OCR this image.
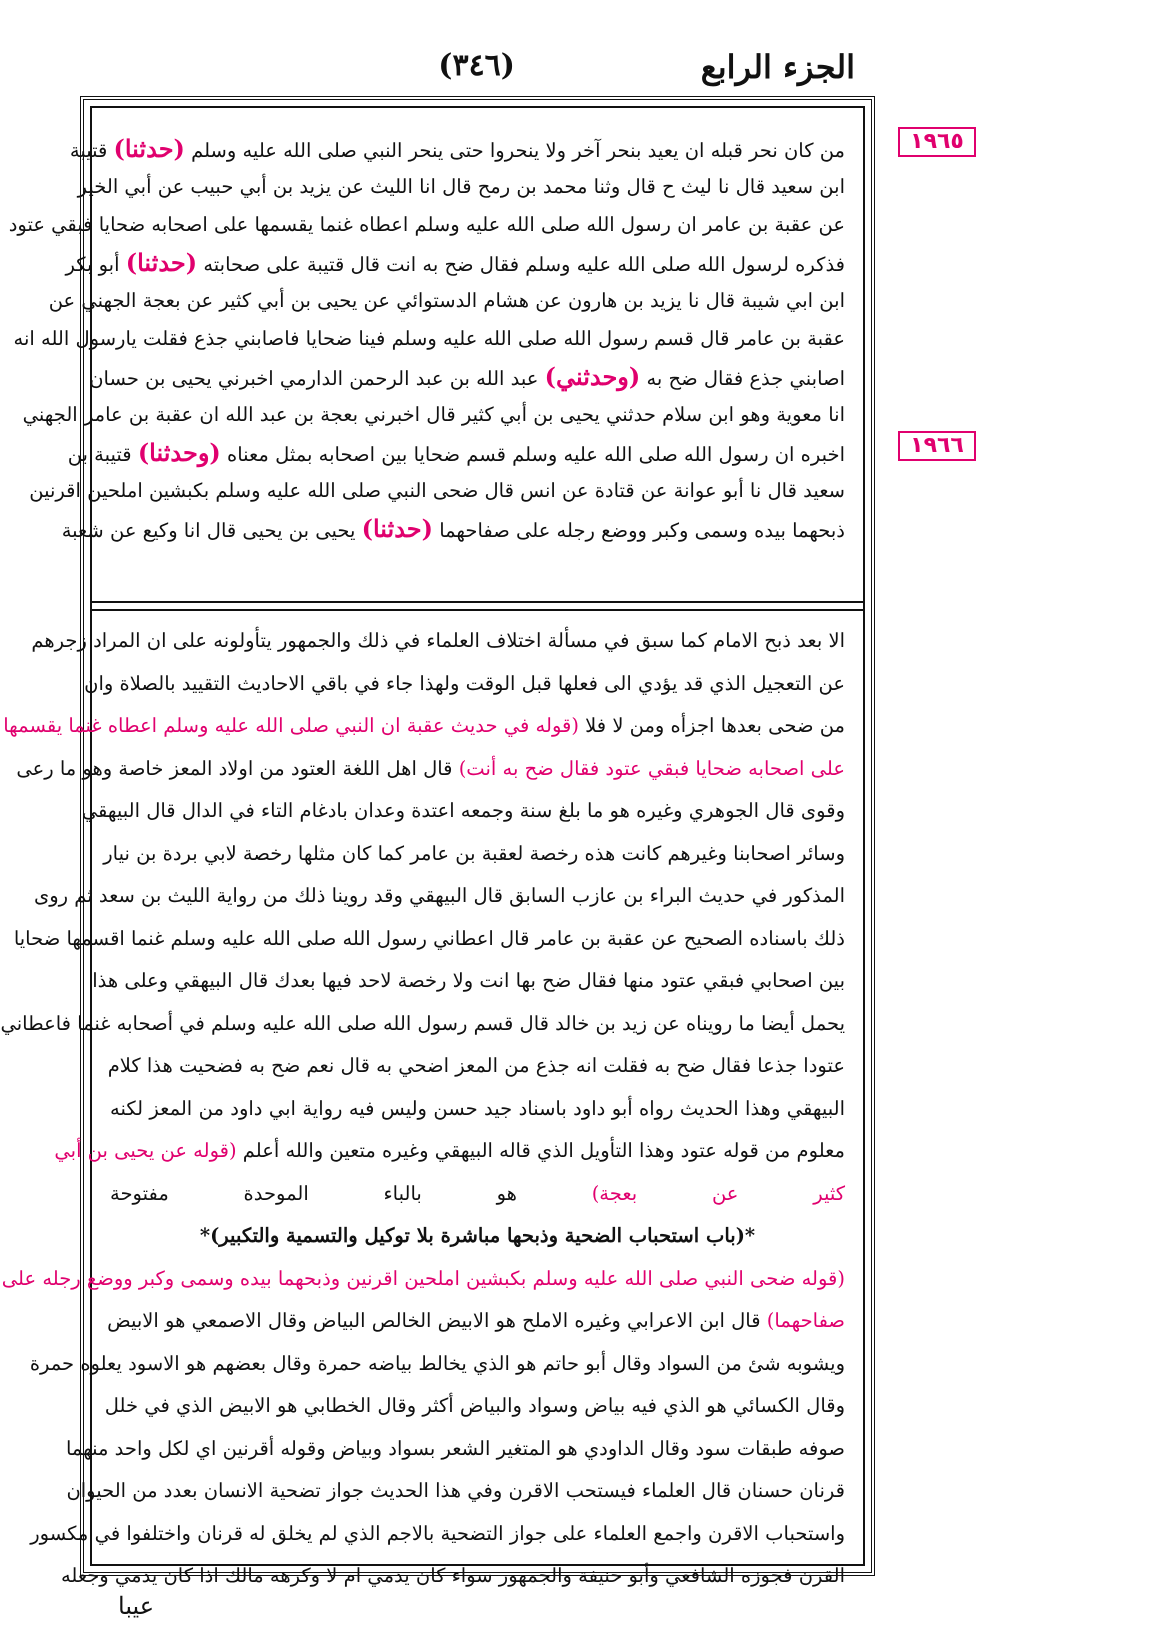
الجزء الرابع
(٣٤٦)
١٩٦٥
١٩٦٦
من كان نحر قبله ان يعيد بنحر آخر ولا ينحروا حتى ينحر النبي صلى الله عليه وسلم (حدثنا) قتيبة
ابن سعيد قال نا ليث ح قال وثنا محمد بن رمح قال انا الليث عن يزيد بن أبي حبيب عن أبي الخير
عن عقبة بن عامر ان رسول الله صلى الله عليه وسلم اعطاه غنما يقسمها على اصحابه ضحايا فبقي عتود
فذكره لرسول الله صلى الله عليه وسلم فقال ضح به انت قال قتيبة على صحابته (حدثنا) أبو بكر
ابن ابي شيبة قال نا يزيد بن هارون عن هشام الدستوائي عن يحيى بن أبي كثير عن بعجة الجهني عن
عقبة بن عامر قال قسم رسول الله صلى الله عليه وسلم فينا ضحايا فاصابني جذع فقلت يارسول الله انه
اصابني جذع فقال ضح به (وحدثني) عبد الله بن عبد الرحمن الدارمي اخبرني يحيى بن حسان
انا معوية وهو ابن سلام حدثني يحيى بن أبي كثير قال اخبرني بعجة بن عبد الله ان عقبة بن عامر الجهني
اخبره ان رسول الله صلى الله عليه وسلم قسم ضحايا بين اصحابه بمثل معناه (وحدثنا) قتيبة بن
سعيد قال نا أبو عوانة عن قتادة عن انس قال ضحى النبي صلى الله عليه وسلم بكبشين املحين اقرنين
ذبحهما بيده وسمى وكبر ووضع رجله على صفاحهما (حدثنا) يحيى بن يحيى قال انا وكيع عن شعبة
الا بعد ذبح الامام كما سبق في مسألة اختلاف العلماء في ذلك والجمهور يتأولونه على ان المراد زجرهم
عن التعجيل الذي قد يؤدي الى فعلها قبل الوقت ولهذا جاء في باقي الاحاديث التقييد بالصلاة وان
من ضحى بعدها اجزأه ومن لا فلا (قوله في حديث عقبة ان النبي صلى الله عليه وسلم اعطاه غنما يقسمها
على اصحابه ضحايا فبقي عتود فقال ضح به أنت) قال اهل اللغة العتود من اولاد المعز خاصة وهو ما رعى
وقوى قال الجوهري وغيره هو ما بلغ سنة وجمعه اعتدة وعدان بادغام التاء في الدال قال البيهقي
وسائر اصحابنا وغيرهم كانت هذه رخصة لعقبة بن عامر كما كان مثلها رخصة لابي بردة بن نيار
المذكور في حديث البراء بن عازب السابق قال البيهقي وقد روينا ذلك من رواية الليث بن سعد ثم روى
ذلك باسناده الصحيح عن عقبة بن عامر قال اعطاني رسول الله صلى الله عليه وسلم غنما اقسمها ضحايا
بين اصحابي فبقي عتود منها فقال ضح بها انت ولا رخصة لاحد فيها بعدك قال البيهقي وعلى هذا
يحمل أيضا ما رويناه عن زيد بن خالد قال قسم رسول الله صلى الله عليه وسلم في أصحابه غنما فاعطاني
عتودا جذعا فقال ضح به فقلت انه جذع من المعز اضحي به قال نعم ضح به فضحيت هذا كلام
البيهقي وهذا الحديث رواه أبو داود باسناد جيد حسن وليس فيه رواية ابي داود من المعز لكنه
معلوم من قوله عتود وهذا التأويل الذي قاله البيهقي وغيره متعين والله أعلم (قوله عن يحيى بن أبي
كثير عن بعجة) هو بالباء الموحدة مفتوحة
*(باب استحباب الضحية وذبحها مباشرة بلا توكيل والتسمية والتكبير)*
(قوله ضحى النبي صلى الله عليه وسلم بكبشين املحين اقرنين وذبحهما بيده وسمى وكبر ووضع رجله على
صفاحهما) قال ابن الاعرابي وغيره الاملح هو الابيض الخالص البياض وقال الاصمعي هو الابيض
ويشوبه شئ من السواد وقال أبو حاتم هو الذي يخالط بياضه حمرة وقال بعضهم هو الاسود يعلوه حمرة
وقال الكسائي هو الذي فيه بياض وسواد والبياض أكثر وقال الخطابي هو الابيض الذي في خلل
صوفه طبقات سود وقال الداودي هو المتغير الشعر بسواد وبياض وقوله أقرنين اي لكل واحد منهما
قرنان حسنان قال العلماء فيستحب الاقرن وفي هذا الحديث جواز تضحية الانسان بعدد من الحيوان
واستحباب الاقرن واجمع العلماء على جواز التضحية بالاجم الذي لم يخلق له قرنان واختلفوا في مكسور
القرن فجوزه الشافعي وأبو حنيفة والجمهور سواء كان يدمي ام لا وكرهه مالك اذا كان يدمي وجعله
عيبا
